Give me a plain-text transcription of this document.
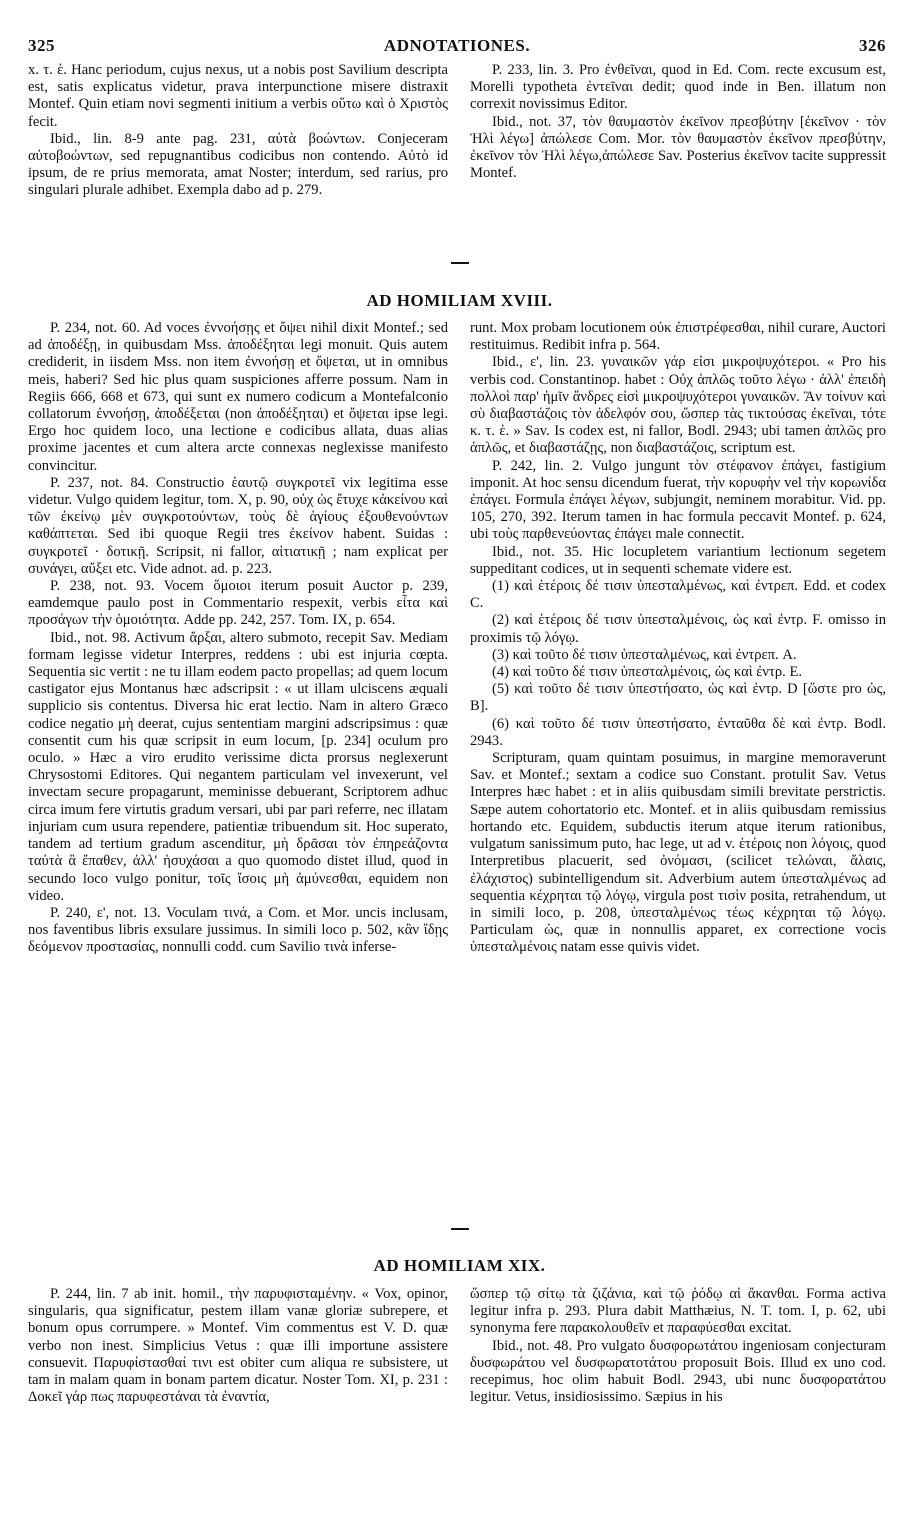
325	ADNOTATIONES.	326

x. τ. ἑ. Hanc periodum, cujus nexus, ut a nobis post Savilium descripta est, satis explicatus videtur, prava interpunctione misere distraxit Montef. Quin etiam novi segmenti initium a verbis οὕτω καὶ ὁ Χριστὸς fecit.

Ibid., lin. 8-9 ante pag. 231, αὐτὰ βοώντων. Conjeceram αὐτοβοώντων, sed repugnantibus codicibus non contendo. Αὐτὸ id ipsum, de re prius memorata, amat Noster; interdum, sed rarius, pro singulari plurale adhibet. Exempla dabo ad p. 279.

P. 233, lin. 3. Pro ἐνθεῖναι, quod in Ed. Com. recte excusum est, Morelli typotheta ἐντεῖναι dedit; quod inde in Ben. illatum non correxit novissimus Editor.

Ibid., not. 37, τὸν θαυμαστὸν ἐκεῖνον πρεσβύτην [ἐκεῖνον · τὸν Ἠλὶ λέγω] ἀπώλεσε Com. Mor. τὸν θαυμαστὸν ἐκεῖνον πρεσβύτην, ἐκεῖνον τὸν Ἠλὶ λέγω,ἀπώλεσε Sav. Posterius ἐκεῖνον tacite suppressit Montef.

AD HOMILIAM XVIII.

P. 234, not. 60. Ad voces ἐννοήσῃς et ὄψει nihil dixit Montef.; sed ad ἀποδέξῃ, in quibusdam Mss. ἀποδέξηται legi monuit. Quis autem crediderit, in iisdem Mss. non item ἐννοήσῃ et ὄψεται, ut in omnibus meis, haberi? Sed hic plus quam suspiciones afferre possum. Nam in Regiis 666, 668 et 673, qui sunt ex numero codicum a Montefalconio collatorum ἐννοήσῃ, ἀποδέξεται (non ἀποδέξηται) et ὄψεται ipse legi. Ergo hoc quidem loco, una lectione e codicibus allata, duas alias proxime jacentes et cum altera arcte connexas neglexisse manifesto convincitur.

P. 237, not. 84. Constructio ἑαυτῷ συγκροτεῖ vix legitima esse videtur. Vulgo quidem legitur, tom. X, p. 90, οὐχ ὡς ἔτυχε κἀκείνου καὶ τῶν ἐκείνῳ μὲν συγκροτούντων, τοὺς δὲ ἁγίους ἐξουθενούντων καθάπτεται. Sed ibi quoque Regii tres ἐκείνον habent. Suidas : συγκροτεῖ · δοτικῇ. Scripsit, ni fallor, αἰτιατικῇ ; nam explicat per συνάγει, αὔξει etc. Vide adnot. ad. p. 223.

P. 238, not. 93. Vocem ὅμοιοι iterum posuit Auctor p. 239, eamdemque paulo post in Commentario respexit, verbis εἶτα καὶ προσάγων τὴν ὁμοιότητα. Adde pp. 242, 257. Tom. IX, p. 654.

Ibid., not. 98. Activum ἄρξαι, altero submoto, recepit Sav. Mediam formam legisse videtur Interpres, reddens : ubi est injuria cœpta. Sequentia sic vertit : ne tu illam eodem pacto propellas; ad quem locum castigator ejus Montanus hæc adscripsit : « ut illam ulciscens æquali supplicio sis contentus. Diversa hic erat lectio. Nam in altero Græco codice negatio μὴ deerat, cujus sententiam margini adscripsimus : quæ consentit cum his quæ scripsit in eum locum, [p. 234] oculum pro oculo. » Hæc a viro erudito verissime dicta prorsus neglexerunt Chrysostomi Editores. Qui negantem particulam vel invexerunt, vel invectam secure propagarunt, meminisse debuerant, Scriptorem adhuc circa imum fere virtutis gradum versari, ubi par pari referre, nec illatam injuriam cum usura rependere, patientiæ tribuendum sit. Hoc superato, tandem ad tertium gradum ascenditur, μὴ δρᾶσαι τὸν ἐπηρεάζοντα ταὐτὰ ἃ ἔπαθεν, ἀλλ' ἡσυχάσαι a quo quomodo distet illud, quod in secundo loco vulgo ponitur, τοῖς ἴσοις μὴ ἀμύνεσθαι, equidem non video.

P. 240, ε', not. 13. Voculam τινά, a Com. et Mor. uncis inclusam, nos faventibus libris exsulare jussimus. In simili loco p. 502, κἂν ἴδῃς δεόμενον προστασίας, nonnulli codd. cum Savilio τινὰ inferse-

runt. Mox probam locutionem οὐκ ἐπιστρέφεσθαι, nihil curare, Auctori restituimus. Redibit infra p. 564.

Ibid., ε', lin. 23. γυναικῶν γάρ εἰσι μικροψυχότεροι. « Pro his verbis cod. Constantinop. habet : Οὐχ ἁπλῶς τοῦτο λέγω · ἀλλ' ἐπειδὴ πολλοὶ παρ' ἡμῖν ἄνδρες εἰσὶ μικροψυχότεροι γυναικῶν. Ἂν τοίνυν καὶ σὺ διαβαστάζοις τὸν ἀδελφόν σου, ὥσπερ τὰς τικτούσας ἐκεῖναι, τότε κ. τ. ἑ. » Sav. Is codex est, ni fallor, Bodl. 2943; ubi tamen ἀπλῶς pro ἁπλῶς, et διαβαστάζῃς, non διαβαστάζοις, scriptum est.

P. 242, lin. 2. Vulgo jungunt τὸν στέφανον ἐπάγει, fastigium imponit. At hoc sensu dicendum fuerat, τὴν κορυφὴν vel τὴν κορωνίδα ἐπάγει. Formula ἐπάγει λέγων, subjungit, neminem morabitur. Vid. pp. 105, 270, 392. Iterum tamen in hac formula peccavit Montef. p. 624, ubi τοὺς παρθενεύοντας ἐπάγει male connectit.

Ibid., not. 35. Hic locupletem variantium lectionum segetem suppeditant codices, ut in sequenti schemate videre est.

(1) καὶ ἑτέροις δέ τισιν ὑπεσταλμένως, καὶ ἐντρεπ. Edd. et codex C.

(2) καὶ ἑτέροις δέ τισιν ὑπεσταλμένοις, ὡς καὶ ἐντρ. F. omisso in proximis τῷ λόγῳ.

(3) καὶ τοῦτο δέ τισιν ὑπεσταλμένως, καὶ ἐντρεπ. A.

(4) καὶ τοῦτο δέ τισιν ὑπεσταλμένοις, ὡς καὶ ἐντρ. E.

(5) καὶ τοῦτο δέ τισιν ὑπεστήσατο, ὡς καὶ ἐντρ. D [ὥστε pro ὡς, B].

(6) καὶ τοῦτο δέ τισιν ὑπεστήσατο, ἐνταῦθα δὲ καὶ ἐντρ. Bodl. 2943.

Scripturam, quam quintam posuimus, in margine memoraverunt Sav. et Montef.; sextam a codice suo Constant. protulit Sav. Vetus Interpres hæc habet : et in aliis quibusdam simili brevitate perstrictis. Sæpe autem cohortatorio etc. Montef. et in aliis quibusdam remissius hortando etc. Equidem, subductis iterum atque iterum rationibus, vulgatum sanissimum puto, hac lege, ut ad v. ἑτέροις non λόγοις, quod Interpretibus placuerit, sed ὀνόμασι, (scilicet τελώναι, ἄλαις, ἐλάχιστος) subintelligendum sit. Adverbium autem ὑπεσταλμένως ad sequentia κέχρηται τῷ λόγῳ, virgula post τισὶν posita, retrahendum, ut in simili loco, p. 208, ὑπεσταλμένως τέως κέχρηται τῷ λόγῳ. Particulam ὡς, quæ in nonnullis apparet, ex correctione vocis ὑπεσταλμένοις natam esse quivis videt.

AD HOMILIAM XIX.

P. 244, lin. 7 ab init. homil., τὴν παρυφισταμένην. « Vox, opinor, singularis, qua significatur, pestem illam vanæ gloriæ subrepere, et bonum opus corrumpere. » Montef. Vim commentus est V. D. quæ verbo non inest. Simplicius Vetus : quæ illi importune assistere consuevit. Παρυφίστασθαί τινι est obiter cum aliqua re subsistere, ut tam in malam quam in bonam partem dicatur. Noster Tom. XI, p. 231 : Δοκεῖ γάρ πως παρυφεστάναι τὰ ἐναντία,

ὥσπερ τῷ σίτῳ τὰ ζιζάνια, καὶ τῷ ῥόδῳ αἱ ἄκανθαι. Forma activa legitur infra p. 293. Plura dabit Matthæius, N. T. tom. I, p. 62, ubi synonyma fere παρακολουθεῖν et παραφύεσθαι excitat.

Ibid., not. 48. Pro vulgato δυσφορωτάτου ingeniosam conjecturam δυσφωράτου vel δυσφωρατοτάτου proposuit Bois. Illud ex uno cod. recepimus, hoc olim habuit Bodl. 2943, ubi nunc δυσφορατάτου legitur. Vetus, insidiosissimo. Sæpius in his
